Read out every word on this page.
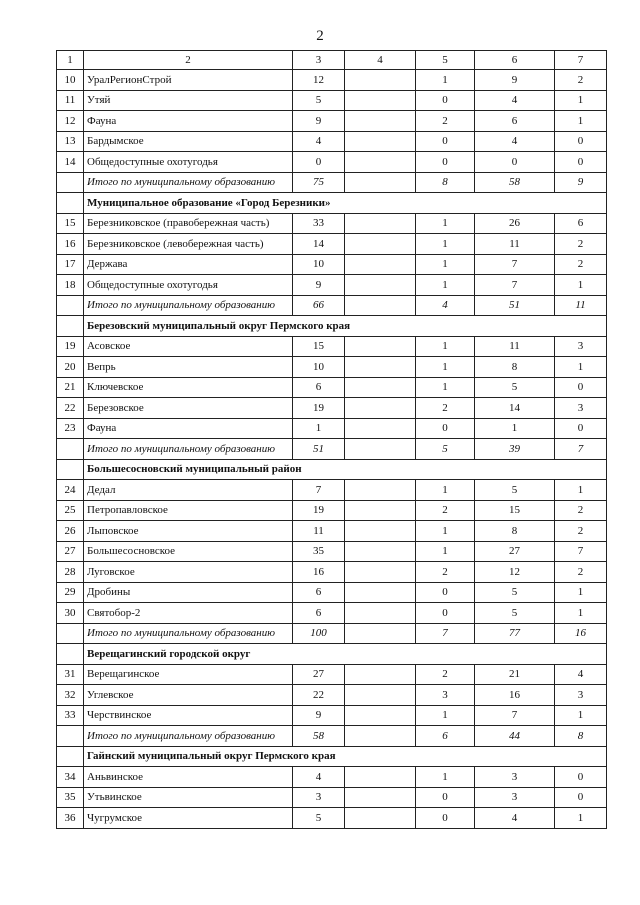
2
1	2	3	4	5	6	7
10	УралРегионСтрой	12		1	9	2
11	Утяй	5		0	4	1
12	Фауна	9		2	6	1
13	Бардымское	4		0	4	0
14	Общедоступные охотугодья	0		0	0	0
	Итого по муниципальному образованию	75		8	58	9
	Муниципальное образование «Город Березники»					
15	Березниковское (правобережная часть)	33		1	26	6
16	Березниковское (левобережная часть)	14		1	11	2
17	Держава	10		1	7	2
18	Общедоступные охотугодья	9		1	7	1
	Итого по муниципальному образованию	66		4	51	11
	Березовский муниципальный округ Пермского края					
19	Асовское	15		1	11	3
20	Вепрь	10		1	8	1
21	Ключевское	6		1	5	0
22	Березовское	19		2	14	3
23	Фауна	1		0	1	0
	Итого по муниципальному образованию	51		5	39	7
	Большесосновский муниципальный район					
24	Дедал	7		1	5	1
25	Петропавловское	19		2	15	2
26	Лыповское	11		1	8	2
27	Большесосновское	35		1	27	7
28	Луговское	16		2	12	2
29	Дробины	6		0	5	1
30	Святобор-2	6		0	5	1
	Итого по муниципальному образованию	100		7	77	16
	Верещагинский городской округ					
31	Верещагинское	27		2	21	4
32	Углевское	22		3	16	3
33	Черствинское	9		1	7	1
	Итого по муниципальному образованию	58		6	44	8
	Гайнский муниципальный округ Пермского края					
34	Аньвинское	4		1	3	0
35	Утьвинское	3		0	3	0
36	Чугрумское	5		0	4	1
